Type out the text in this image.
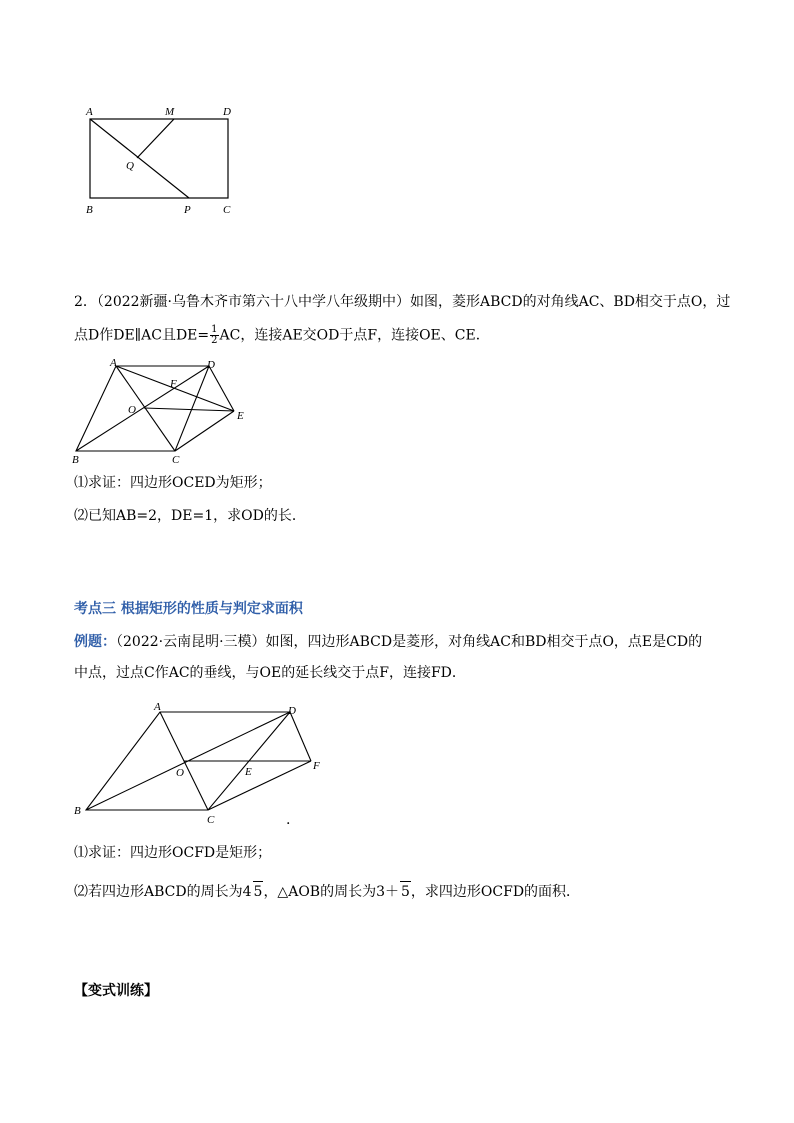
A	M	D
Q
B	P	C
2．（2022新疆·乌鲁木齐市第六十八中学八年级期中）如图，菱形ABCD的对角线AC、BD相交于点O，过
点D作DE∥AC且$DE= \frac{1}{2}$ AC，连接AE交OD于点F，连接OE、CE．
A	D
F
O	E
B	C
⑴求证：四边形OCED为矩形；
⑵已知AB=2，DE=1，求OD的长．
考点三 根据矩形的性质与判定求面积
例题：（2022·云南昆明·三模）如图，四边形ABCD是菱形，对角线AC和BD相交于点O，点E是CD的
中点，过点C作AC的垂线，与OE的延长线交于点F，连接FD．
A	D
O	E	F
B
C	.
⑴求证：四边形OCFD是矩形；
⑵若四边形ABCD的周长为4 5，△AOB的周长为3＋ 5，求四边形OCFD的面积．
【变式训练】
